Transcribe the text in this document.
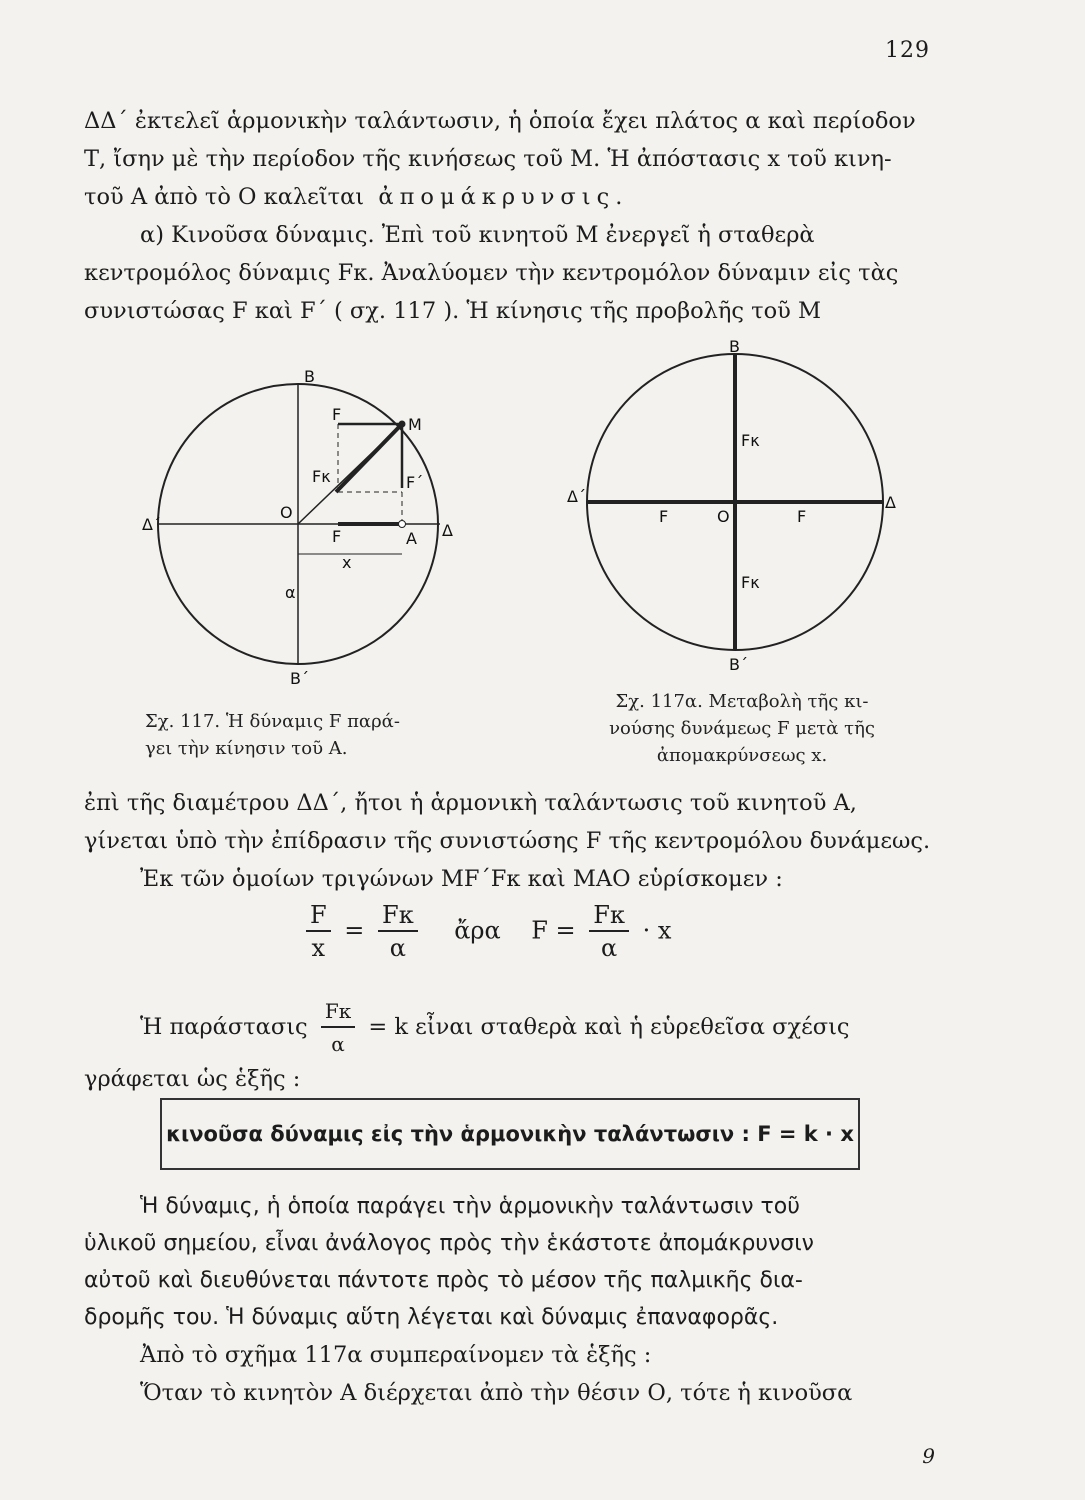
129
ΔΔ΄ ἐκτελεῖ ἁρμονικὴν ταλάντωσιν, ἡ ὁποία ἔχει πλάτος α καὶ περίοδον
Τ, ἴσην μὲ τὴν περίοδον τῆς κινήσεως τοῦ Μ. Ἡ ἀπόστασις x τοῦ κινη-
τοῦ Α ἀπὸ τὸ Ο καλεῖται ἀπομάκρυνσις.
α) Κινοῦσα δύναμις. Ἐπὶ τοῦ κινητοῦ Μ ἐνεργεῖ ἡ σταθερὰ
κεντρομόλος δύναμις Fκ. Ἀναλύομεν τὴν κεντρομόλον δύναμιν εἰς τὰς
συνιστώσας F καὶ F΄ ( σχ. 117 ). Ἡ κίνησις τῆς προβολῆς τοῦ Μ
B
B΄
M
Δ
Δ΄
O
A
F
F
F΄
Fκ
x
α
Σχ. 117. Ἡ δύναμις F παρά-
γει τὴν κίνησιν τοῦ Α.
B
B΄
Δ
Δ΄
O
F	F
Fκ
Fκ
Σχ. 117α. Μεταβολὴ τῆς κι-
νούσης δυνάμεως F μετὰ τῆς
ἀπομακρύνσεως x.
ἐπὶ τῆς διαμέτρου ΔΔ΄, ἤτοι ἡ ἁρμονικὴ ταλάντωσις τοῦ κινητοῦ Α,
γίνεται ὑπὸ τὴν ἐπίδρασιν τῆς συνιστώσης F τῆς κεντρομόλου δυνάμεως.
Ἐκ τῶν ὁμοίων τριγώνων MF΄Fκ καὶ ΜΑΟ εὑρίσκομεν :
$\frac{F}{x} = \frac{F\kappa}{\alpha}$ ἄρα $F = \frac{F\kappa}{\alpha} \cdot x$
Ἡ παράστασις $\frac{F\kappa}{\alpha} = k$ εἶναι σταθερὰ καὶ ἡ εὑρεθεῖσα σχέσις
γράφεται ὡς ἑξῆς :
κινοῦσα δύναμις εἰς τὴν ἁρμονικὴν ταλάντωσιν : F = k · x
Ἡ δύναμις, ἡ ὁποία παράγει τὴν ἁρμονικὴν ταλάντωσιν τοῦ
ὑλικοῦ σημείου, εἶναι ἀνάλογος πρὸς τὴν ἑκάστοτε ἀπομάκρυνσιν
αὐτοῦ καὶ διευθύνεται πάντοτε πρὸς τὸ μέσον τῆς παλμικῆς δια-
δρομῆς του. Ἡ δύναμις αὕτη λέγεται καὶ δύναμις ἐπαναφορᾶς.
Ἀπὸ τὸ σχῆμα 117α συμπεραίνομεν τὰ ἑξῆς :
Ὅταν τὸ κινητὸν Α διέρχεται ἀπὸ τὴν θέσιν Ο, τότε ἡ κινοῦσα
9
